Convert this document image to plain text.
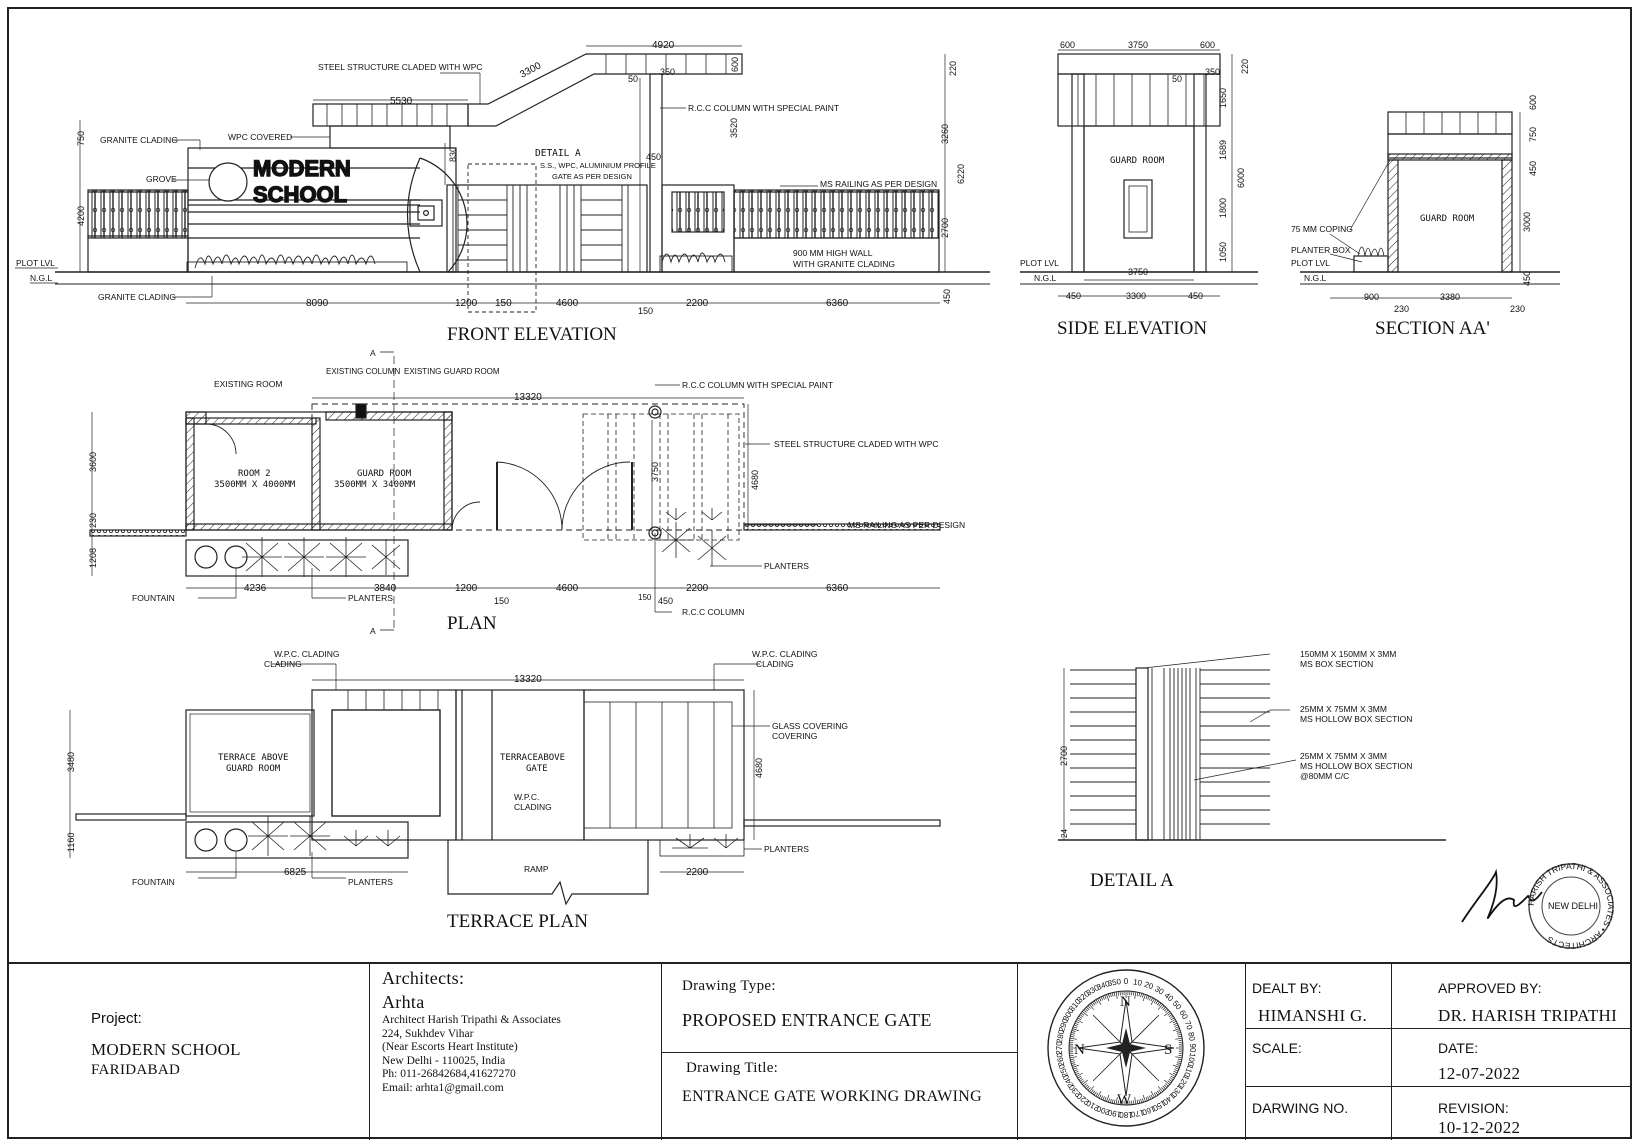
MODERN
SCHOOL
STEEL STRUCTURE CLADED WITH WPC
R.C.C COLUMN WITH SPECIAL PAINT
GRANITE CLADING	WPC COVERED
GROVE
DETAIL A
S.S., WPC, ALUMINIUM PROFILE
GATE AS PER DESIGN
MS RAILING AS PER DESIGN
900 MM HIGH WALL
WITH GRANITE CLADING
PLOT LVL
N.G.L
GRANITE CLADING
4920
3300	600
50
350
5530
220
3520	3260
6220
450
830
750
4200
2700
450
8090	1200 150	4600
150
2200	6360
FRONT ELEVATION
GUARD ROOM
PLOT LVL
N.G.L
600	3750	600
50
350 220
1650
1689
1800
1050
6000
3750
450	3300	450
SIDE ELEVATION
GUARD ROOM
75 MM COPING
PLANTER BOX
PLOT LVL
N.G.L
600
750
450
3000
450
900
230
3380
230
SECTION AA'
EXISTING ROOM
EXISTING COLUMN EXISTING GUARD ROOM
R.C.C COLUMN WITH SPECIAL PAINT
STEEL STRUCTURE CLADED WITH WPC
MS RAILING AS PER DESIGN
PLANTERS
R.C.C COLUMN
FOUNTAIN	PLANTERS
ROOM 2
3500MM X 4000MM
GUARD ROOM
3500MM X 3400MM
A
A
13320
3600
230
1208
3750	4680
4236	3840	1200
150
4600
150 450
2200	6360
PLAN
W.P.C. CLADING	W.P.C. CLADING
GLASS COVERING
TERRACE ABOVE
GUARD ROOM
TERRACEABOVE
GATE
W.P.C.
CLADING
RAMP
FOUNTAIN	PLANTERS
PLANTERS
13320
3480
1160
4680
6825	2200
CLADING	CLADING
COVERING
TERRACE PLAN
150MM X 150MM X 3MM
MS BOX SECTION
25MM X 75MM X 3MM
MS HOLLOW BOX SECTION
25MM X 75MM X 3MM
MS HOLLOW BOX SECTION
@80MM C/C
2700
24
DETAIL A
HARISH TRIPATHI & ASSOCIATES • ARCHITECTS
NEW DELHI
0 10 20
30
40
50
60
70
80
90
100
110
120
130
140
150
160
170
180
190
200
210
220
230
240
250
260
270
280
290
300
310
320
330
340
350
N
S
W
N
Project:
MODERN SCHOOL
FARIDABAD
Architects:
Arhta
Architect Harish Tripathi & Associates
224, Sukhdev Vihar
(Near Escorts Heart Institute)
New Delhi - 110025, India
Ph: 011-26842684,41627270
Email: arhta1@gmail.com
Drawing Type:
PROPOSED ENTRANCE GATE
Drawing Title:
ENTRANCE GATE WORKING DRAWING
DEALT BY:
HIMANSHI G.
SCALE:
DARWING NO.
APPROVED BY:
DR. HARISH TRIPATHI
DATE:
12-07-2022
REVISION:
10-12-2022
